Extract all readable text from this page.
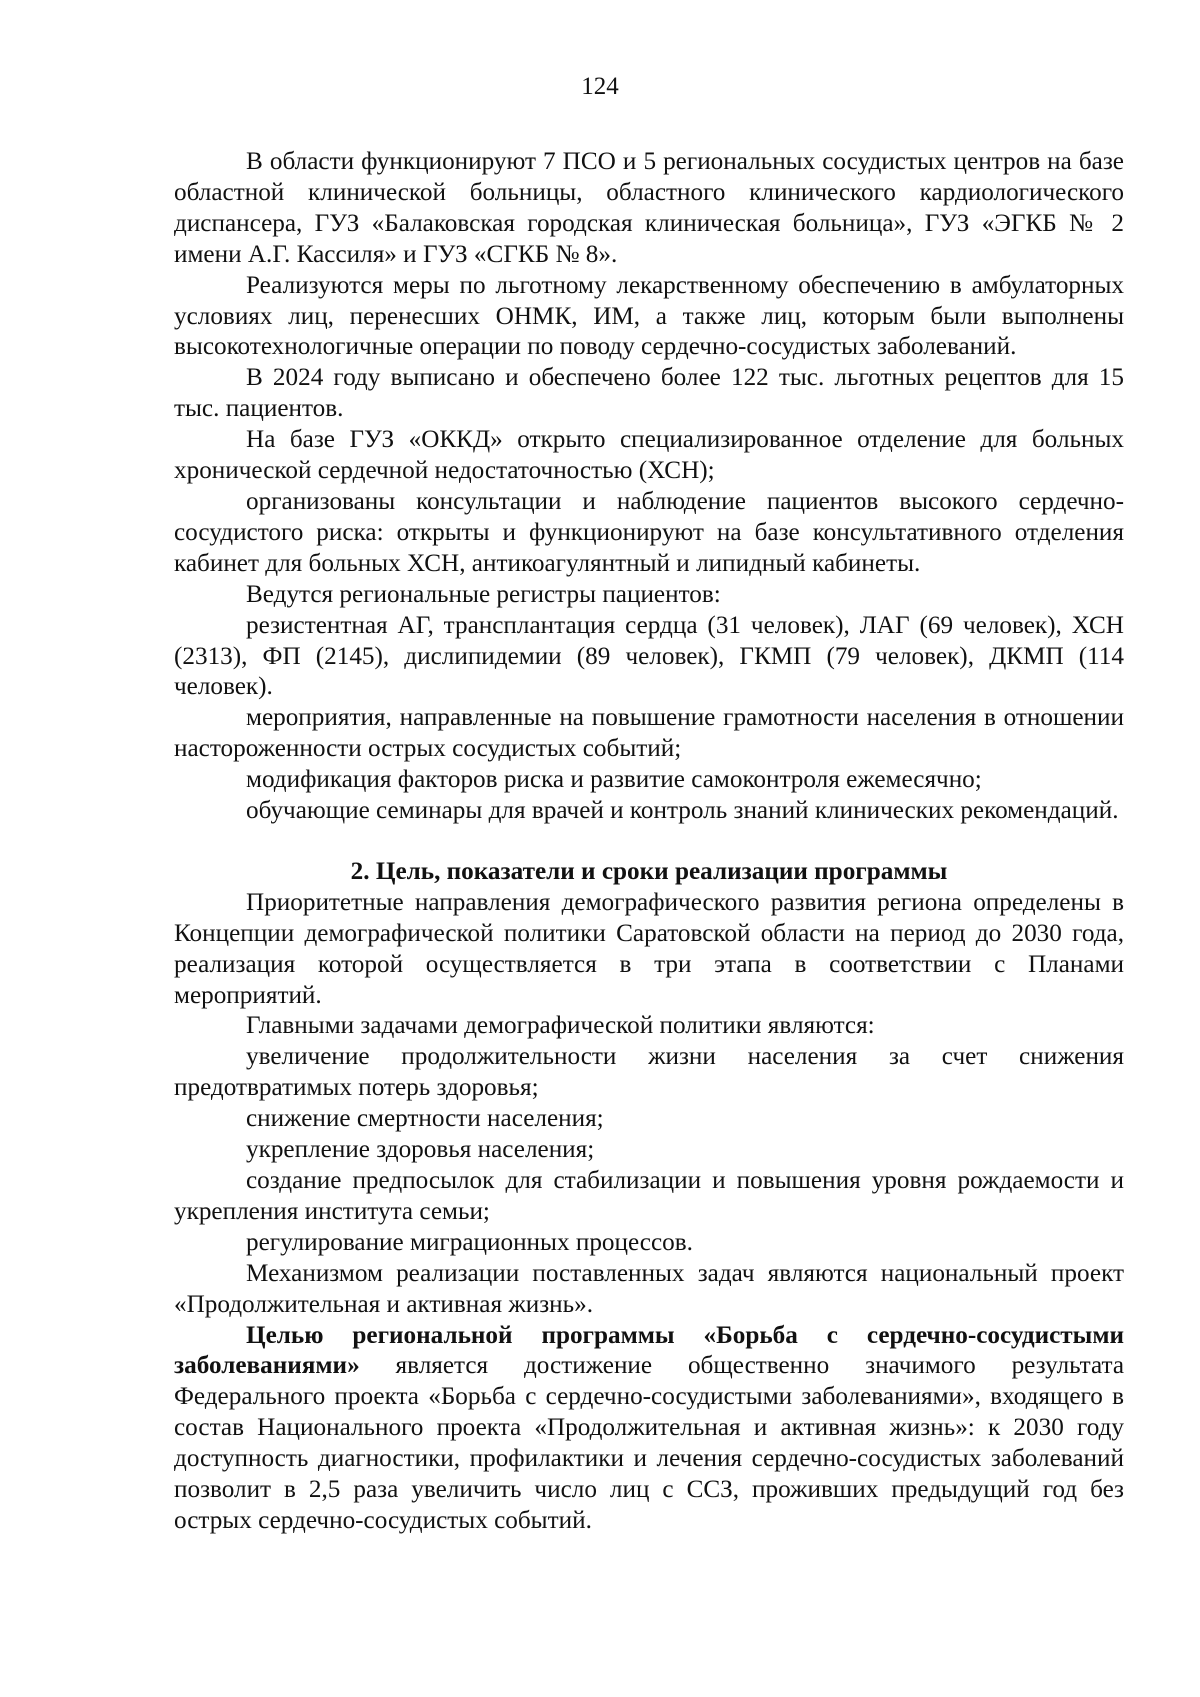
124

В области функционируют 7 ПСО и 5 региональных сосудистых центров на базе областной клинической больницы, областного клинического кардиологического диспансера, ГУЗ «Балаковская городская клиническая больница», ГУЗ «ЭГКБ № 2 имени А.Г. Кассиля» и ГУЗ «СГКБ № 8».

Реализуются меры по льготному лекарственному обеспечению в амбулаторных условиях лиц, перенесших ОНМК, ИМ, а также лиц, которым были выполнены высокотехнологичные операции по поводу сердечно-сосудистых заболеваний.

В 2024 году выписано и обеспечено более 122 тыс. льготных рецептов для 15 тыс. пациентов.

На базе ГУЗ «ОККД» открыто специализированное отделение для больных хронической сердечной недостаточностью (ХСН);

организованы консультации и наблюдение пациентов высокого сердечно-сосудистого риска: открыты и функционируют на базе консультативного отделения кабинет для больных ХСН, антикоагулянтный и липидный кабинеты.

Ведутся региональные регистры пациентов:

резистентная АГ, трансплантация сердца (31 человек), ЛАГ (69 человек), ХСН (2313), ФП (2145), дислипидемии (89 человек), ГКМП (79 человек), ДКМП (114 человек).

мероприятия, направленные на повышение грамотности населения в отношении настороженности острых сосудистых событий;

модификация факторов риска и развитие самоконтроля ежемесячно;

обучающие семинары для врачей и контроль знаний клинических рекомендаций.

2. Цель, показатели и сроки реализации программы

Приоритетные направления демографического развития региона определены в Концепции демографической политики Саратовской области на период до 2030 года, реализация которой осуществляется в три этапа в соответствии с Планами мероприятий.

Главными задачами демографической политики являются:

увеличение продолжительности жизни населения за счет снижения предотвратимых потерь здоровья;

снижение смертности населения;

укрепление здоровья населения;

создание предпосылок для стабилизации и повышения уровня рождаемости и укрепления института семьи;

регулирование миграционных процессов.

Механизмом реализации поставленных задач являются национальный проект «Продолжительная и активная жизнь».

Целью региональной программы «Борьба с сердечно-сосудистыми заболеваниями» является достижение общественно значимого результата Федерального проекта «Борьба с сердечно-сосудистыми заболеваниями», входящего в состав Национального проекта «Продолжительная и активная жизнь»: к 2030 году доступность диагностики, профилактики и лечения сердечно-сосудистых заболеваний позволит в 2,5 раза увеличить число лиц с ССЗ, проживших предыдущий год без острых сердечно-сосудистых событий.
